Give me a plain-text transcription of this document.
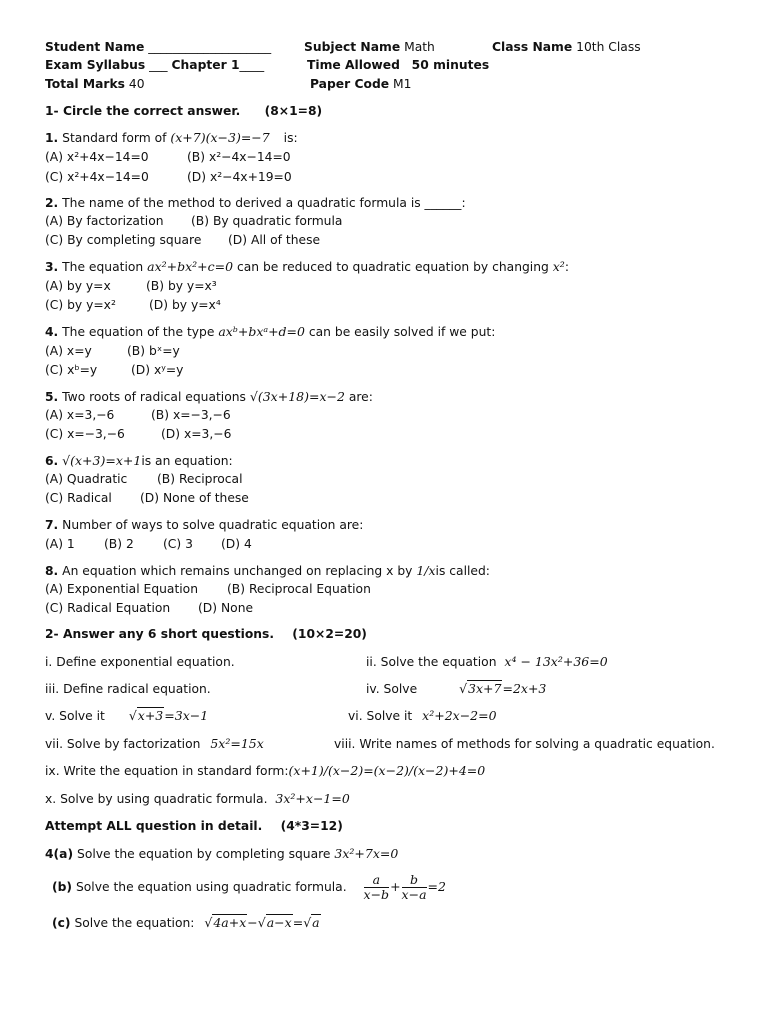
Student Name ____________________	Subject Name Math	Class Name 10th Class
Exam Syllabus ___ Chapter 1____	Time Allowed 50 minutes
Total Marks 40	Paper Code M1
1- Circle the correct answer. (8×1=8)
1. Standard form of (x+7)(x−3)=−7 is:
(A) x²+4x−14=0	(B) x²−4x−14=0
(C) x²+4x−14=0	(D) x²−4x+19=0
2. The name of the method to derived a quadratic formula is ______:
(A) By factorization (B) By quadratic formula
(C) By completing square (D) All of these
3. The equation ax²+bx²+c=0 can be reduced to quadratic equation by changing x²:
(A) by y=x	(B) by y=x³
(C) by y=x²	(D) by y=x⁴
4. The equation of the type axᵇ+bxᵃ+d=0 can be easily solved if we put:
(A) x=y	(B) bˣ=y
(C) xᵇ=y	(D) xʸ=y
5. Two roots of radical equations √(3x+18)=x−2 are:
(A) x=3,−6	(B) x=−3,−6
(C) x=−3,−6	(D) x=3,−6
6. √(x+3)=x+1is an equation:
(A) Quadratic (B) Reciprocal
(C) Radical (D) None of these
7. Number of ways to solve quadratic equation are:
(A) 1 (B) 2 (C) 3 (D) 4
8. An equation which remains unchanged on replacing x by 1/xis called:
(A) Exponential Equation (B) Reciprocal Equation
(C) Radical Equation (D) None
2- Answer any 6 short questions. (10×2=20)
i. Define exponential equation.	ii. Solve the equation x⁴ − 13x²+36=0
iii. Define radical equation.	iv. Solve	√3x+7=2x+3
v. Solve it √x+3=3x−1	vi. Solve it x²+2x−2=0
vii. Solve by factorization 5x²=15x	viii. Write names of methods for solving a quadratic equation.
ix. Write the equation in standard form:(x+1)/(x−2)=(x−2)/(x−2)+4=0
x. Solve by using quadratic formula. 3x²+x−1=0
Attempt ALL question in detail. (4*3=12)
4(a) Solve the equation by completing square 3x²+7x=0
(b) Solve the equation using quadratic formula. $\frac{a}{x-b} + \frac{b}{x-a} =2$
(c) Solve the equation: √4a+x−√a−x=√a
